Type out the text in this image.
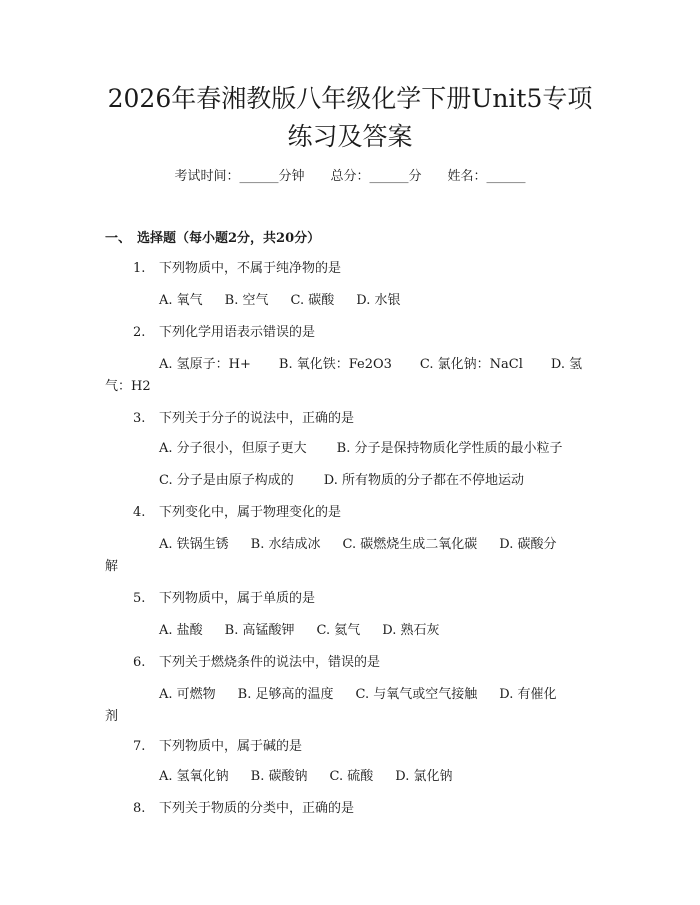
2026年春湘教版八年级化学下册Unit5专项
练习及答案
考试时间：______分钟 总分：______分 姓名：______
一、 选择题（每小题2分，共20分）
1. 下列物质中，不属于纯净物的是
A. 氧气 B. 空气 C. 碳酸 D. 水银
2. 下列化学用语表示错误的是
A. 氢原子：H+ B. 氧化铁：Fe2O3 C. 氯化钠：NaCl D. 氢
气：H2
3. 下列关于分子的说法中，正确的是
A. 分子很小，但原子更大 B. 分子是保持物质化学性质的最小粒子
C. 分子是由原子构成的 D. 所有物质的分子都在不停地运动
4. 下列变化中，属于物理变化的是
A. 铁锅生锈 B. 水结成冰 C. 碳燃烧生成二氧化碳 D. 碳酸分
解
5. 下列物质中，属于单质的是
A. 盐酸 B. 高锰酸钾 C. 氦气 D. 熟石灰
6. 下列关于燃烧条件的说法中，错误的是
A. 可燃物 B. 足够高的温度 C. 与氧气或空气接触 D. 有催化
剂
7. 下列物质中，属于碱的是
A. 氢氧化钠 B. 碳酸钠 C. 硫酸 D. 氯化钠
8. 下列关于物质的分类中，正确的是
